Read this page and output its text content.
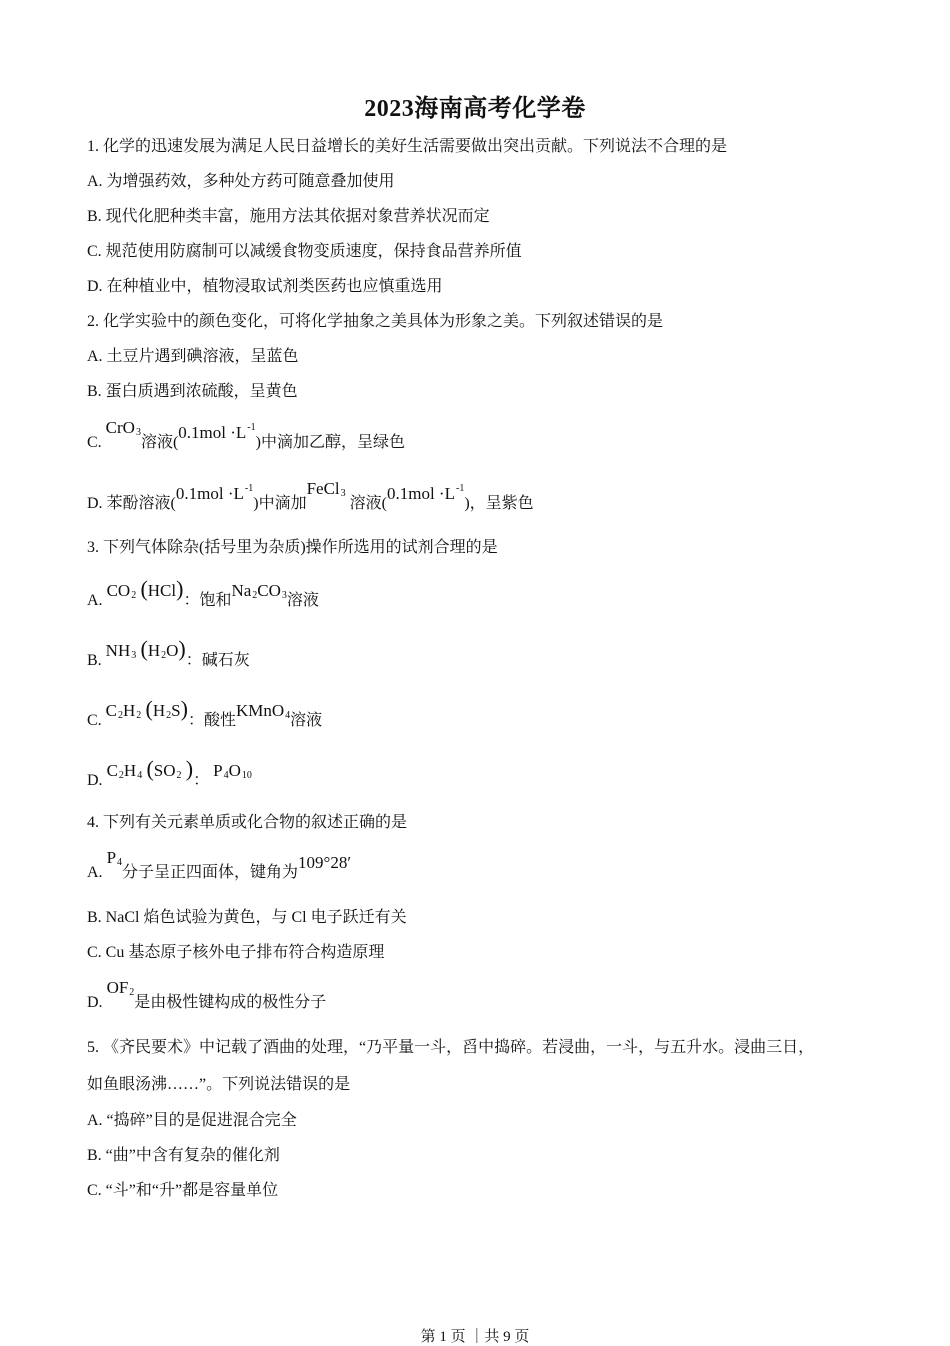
2023海南高考化学卷
1. 化学的迅速发展为满足人民日益增长的美好生活需要做出突出贡献。下列说法不合理的是
A. 为增强药效，多种处方药可随意叠加使用
B. 现代化肥种类丰富，施用方法其依据对象营养状况而定
C. 规范使用防腐制可以减缓食物变质速度，保持食品营养所值
D. 在种植业中，植物浸取试剂类医药也应慎重选用
2. 化学实验中的颜色变化，可将化学抽象之美具体为形象之美。下列叙述错误的是
A. 土豆片遇到碘溶液，呈蓝色
B. 蛋白质遇到浓硫酸，呈黄色
C. CrO$_3$溶液$(0.1mol \cdot L^{-1})$中滴加乙醇，呈绿色
D. 苯酚溶液$(0.1mol \cdot L^{-1})$中滴加FeCl$_3$ 溶液$(0.1mol \cdot L^{-1})$，呈紫色
3. 下列气体除杂(括号里为杂质)操作所选用的试剂合理的是
A. $CO_2$ (HCl)：饱和$Na_2CO_3$溶液
B. $NH_3$ $(H_2O)$：碱石灰
C. $C_2H_2$ $(H_2S)$：酸性KMnO$_4$溶液
D. $C_2H_4$ ($SO_2$ )： $P_4O_{10}$
4. 下列有关元素单质或化合物的叙述正确的是
A. $P_4$分子呈正四面体，键角为109°28′
B. NaCl 焰色试验为黄色，与 Cl 电子跃迁有关
C. Cu 基态原子核外电子排布符合构造原理
D. $OF_2$是由极性键构成的极性分子
5. 《齐民要术》中记载了酒曲的处理，“乃平量一斗，舀中捣碎。若浸曲，一斗，与五升水。浸曲三日，
如鱼眼汤沸……”。下列说法错误的是
A. “捣碎”目的是促进混合完全
B. “曲”中含有复杂的催化剂
C. “斗”和“升”都是容量单位
第 1 页 ｜共 9 页
